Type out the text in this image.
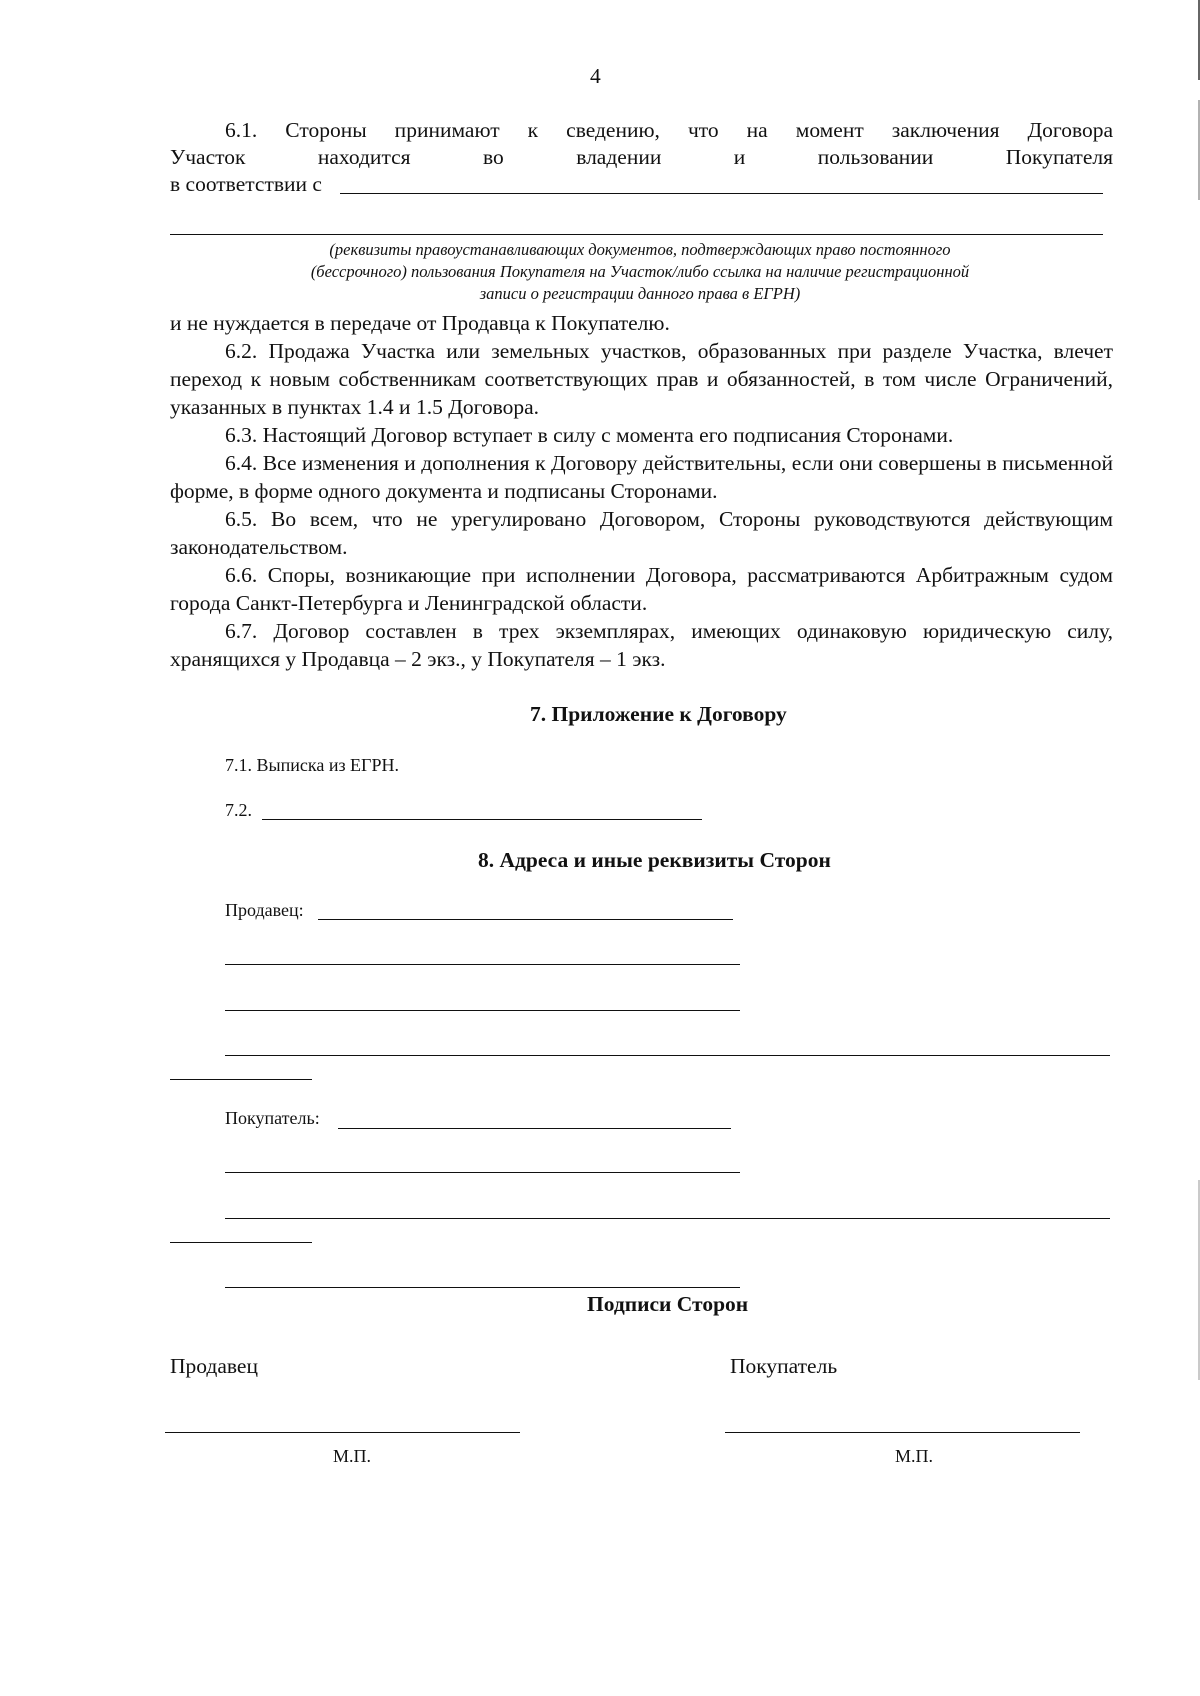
4
6.1. Стороны принимают к сведению, что на момент заключения Договора
Участок находится во владении и пользовании Покупателя
в соответствии с
(реквизиты правоустанавливающих документов, подтверждающих право постоянного (бессрочного) пользования Покупателя на Участок/либо ссылка на наличие регистрационной записи о регистрации данного права в ЕГРН)
и не нуждается в передаче от Продавца к Покупателю.
6.2. Продажа Участка или земельных участков, образованных при разделе Участка, влечет переход к новым собственникам соответствующих прав и обязанностей, в том числе Ограничений, указанных в пунктах 1.4 и 1.5 Договора.
6.3. Настоящий Договор вступает в силу с момента его подписания Сторонами.
6.4. Все изменения и дополнения к Договору действительны, если они совершены в письменной форме, в форме одного документа и подписаны Сторонами.
6.5. Во всем, что не урегулировано Договором, Стороны руководствуются действующим законодательством.
6.6. Споры, возникающие при исполнении Договора, рассматриваются Арбитражным судом города Санкт-Петербурга и Ленинградской области.
6.7. Договор составлен в трех экземплярах, имеющих одинаковую юридическую силу, хранящихся у Продавца – 2 экз., у Покупателя – 1 экз.
7. Приложение к Договору
7.1. Выписка из ЕГРН.
7.2.
8. Адреса и иные реквизиты Сторон
Продавец:
Покупатель:
Подписи Сторон
Продавец	Покупатель
М.П.	М.П.
